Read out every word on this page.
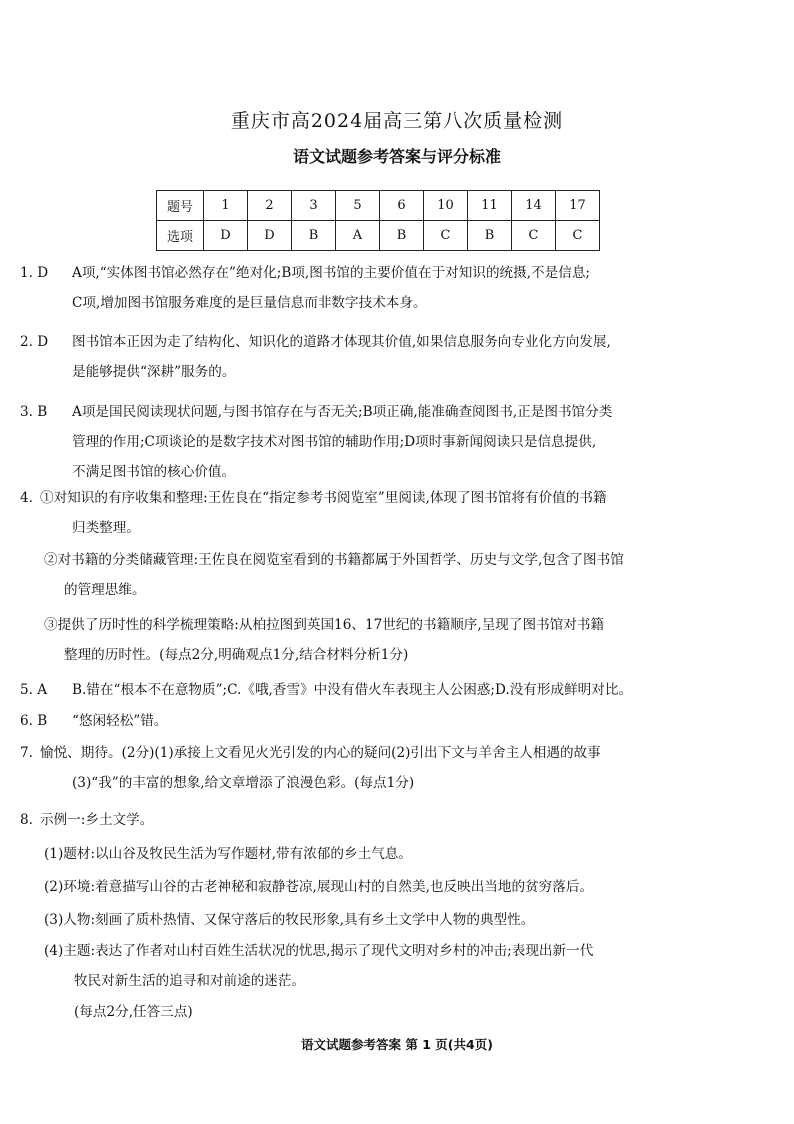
重庆市高2024届高三第八次质量检测
语文试题参考答案与评分标准
题号	1	2	3	5	6	10	11	14	17
选项	D	D	B	A	B	C	B	C	C
1. D	A项,“实体图书馆必然存在”绝对化;B项,图书馆的主要价值在于对知识的统摄,不是信息;
C项,增加图书馆服务难度的是巨量信息而非数字技术本身。
2. D	图书馆本正因为走了结构化、知识化的道路才体现其价值,如果信息服务向专业化方向发展,
是能够提供“深耕”服务的。
3. B	A项是国民阅读现状问题,与图书馆存在与否无关;B项正确,能准确查阅图书,正是图书馆分类
管理的作用;C项谈论的是数字技术对图书馆的辅助作用;D项时事新闻阅读只是信息提供,
不满足图书馆的核心价值。
4. ①对知识的有序收集和整理:王佐良在“指定参考书阅览室”里阅读,体现了图书馆将有价值的书籍
归类整理。
②对书籍的分类储藏管理:王佐良在阅览室看到的书籍都属于外国哲学、历史与文学,包含了图书馆
的管理思维。
③提供了历时性的科学梳理策略:从柏拉图到英国16、17世纪的书籍顺序,呈现了图书馆对书籍
整理的历时性。(每点2分,明确观点1分,结合材料分析1分)
5. A	B.错在“根本不在意物质”;C.《哦,香雪》中没有借火车表现主人公困惑;D.没有形成鲜明对比。
6. B	“悠闲轻松”错。
7. 愉悦、期待。(2分)(1)承接上文看见火光引发的内心的疑问(2)引出下文与羊舍主人相遇的故事
(3)“我”的丰富的想象,给文章增添了浪漫色彩。(每点1分)
8. 示例一:乡土文学。
(1)题材:以山谷及牧民生活为写作题材,带有浓郁的乡土气息。
(2)环境:着意描写山谷的古老神秘和寂静苍凉,展现山村的自然美,也反映出当地的贫穷落后。
(3)人物:刻画了质朴热情、又保守落后的牧民形象,具有乡土文学中人物的典型性。
(4)主题:表达了作者对山村百姓生活状况的忧思,揭示了现代文明对乡村的冲击;表现出新一代
牧民对新生活的追寻和对前途的迷茫。
(每点2分,任答三点)
语文试题参考答案 第 1 页(共4页)
